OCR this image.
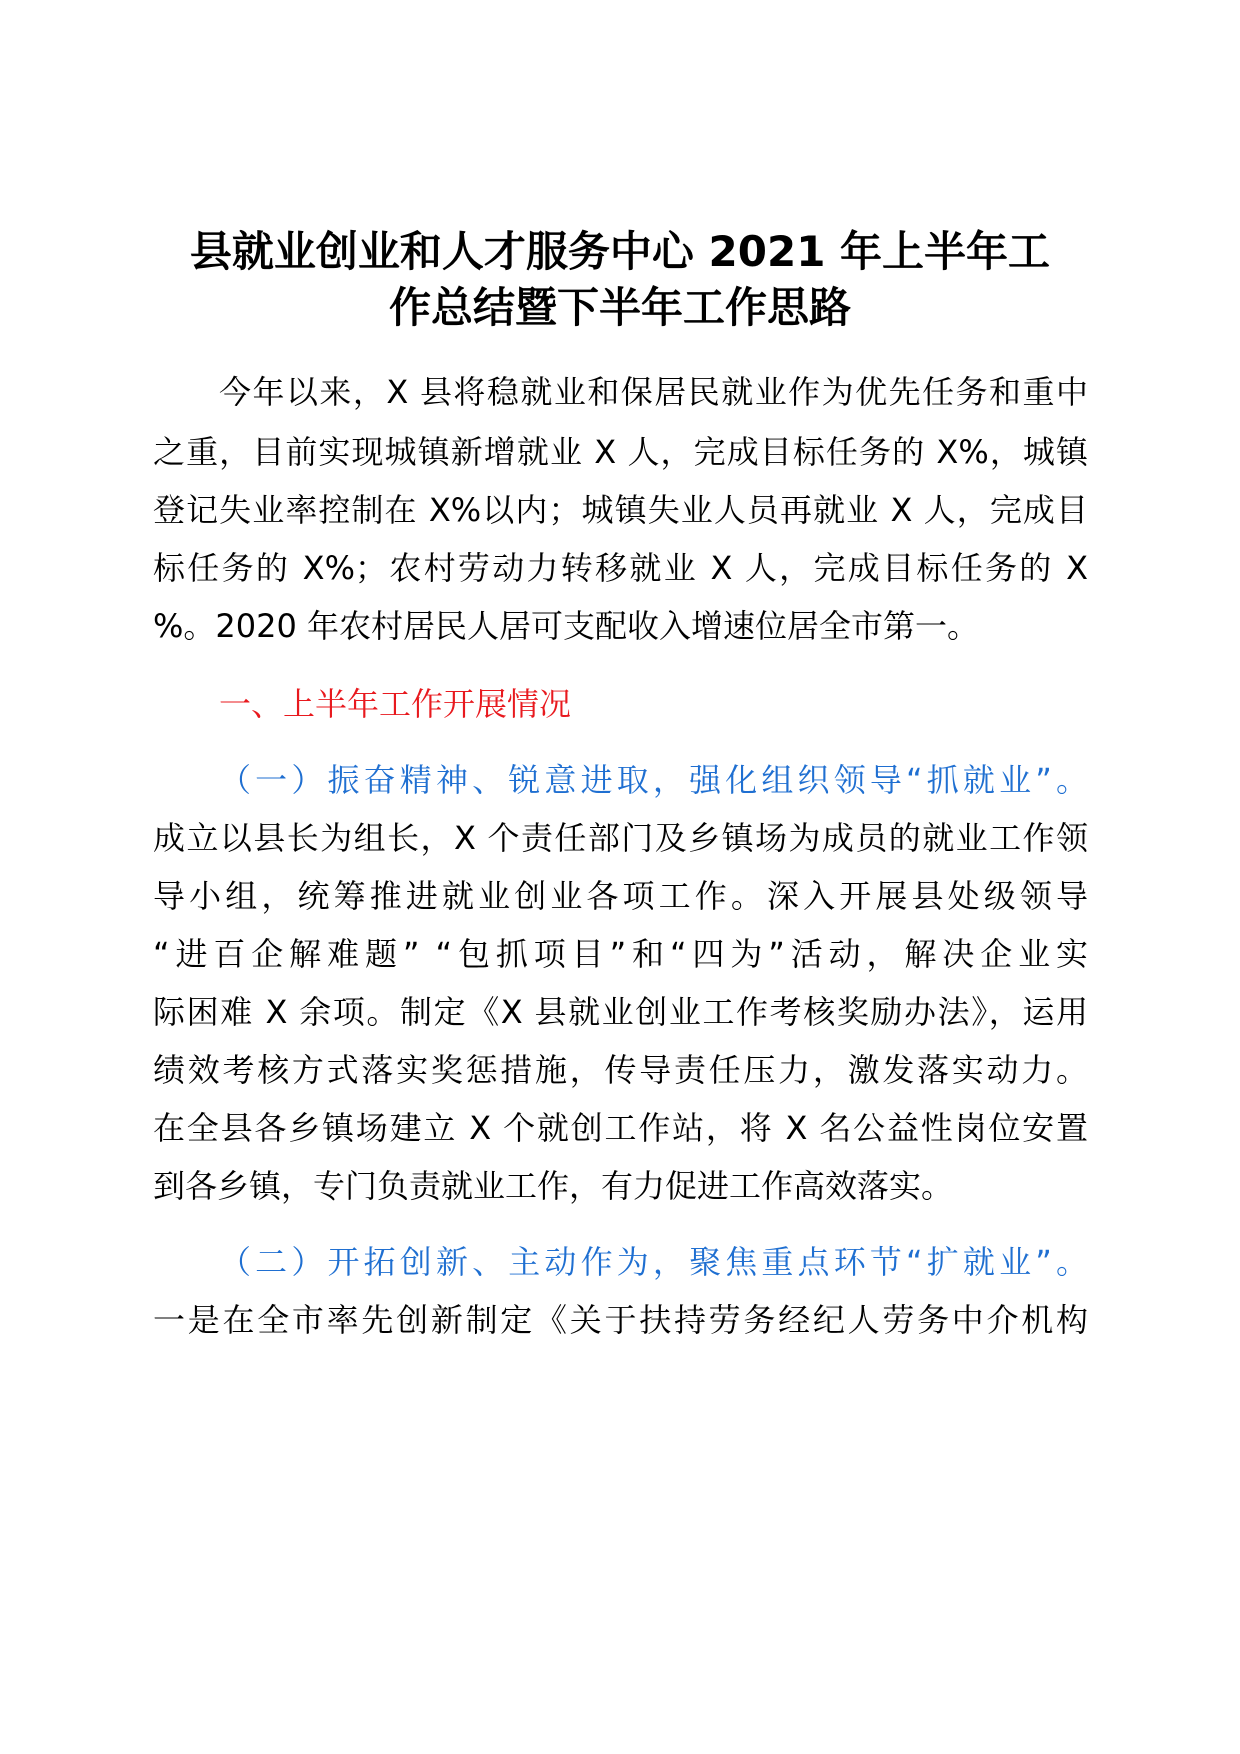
县就业创业和人才服务中心 2021 年上半年工
作总结暨下半年工作思路
今年以来，X 县将稳就业和保居民就业作为优先任务和重中
之重，目前实现城镇新增就业 X 人，完成目标任务的 X%，城镇
登记失业率控制在 X%以内；城镇失业人员再就业 X 人，完成目
标任务的 X%；农村劳动力转移就业 X 人，完成目标任务的 X
%。2020 年农村居民人居可支配收入增速位居全市第一。
一、上半年工作开展情况
（一）振奋精神、锐意进取，强化组织领导“抓就业”。
成立以县长为组长，X 个责任部门及乡镇场为成员的就业工作领
导小组，统筹推进就业创业各项工作。深入开展县处级领导
“进百企解难题” “包抓项目”和“四为”活动，解决企业实
际困难 X 余项。制定《X 县就业创业工作考核奖励办法》，运用
绩效考核方式落实奖惩措施，传导责任压力，激发落实动力。
在全县各乡镇场建立 X 个就创工作站，将 X 名公益性岗位安置
到各乡镇，专门负责就业工作，有力促进工作高效落实。
（二）开拓创新、主动作为，聚焦重点环节“扩就业”。
一是在全市率先创新制定《关于扶持劳务经纪人劳务中介机构
